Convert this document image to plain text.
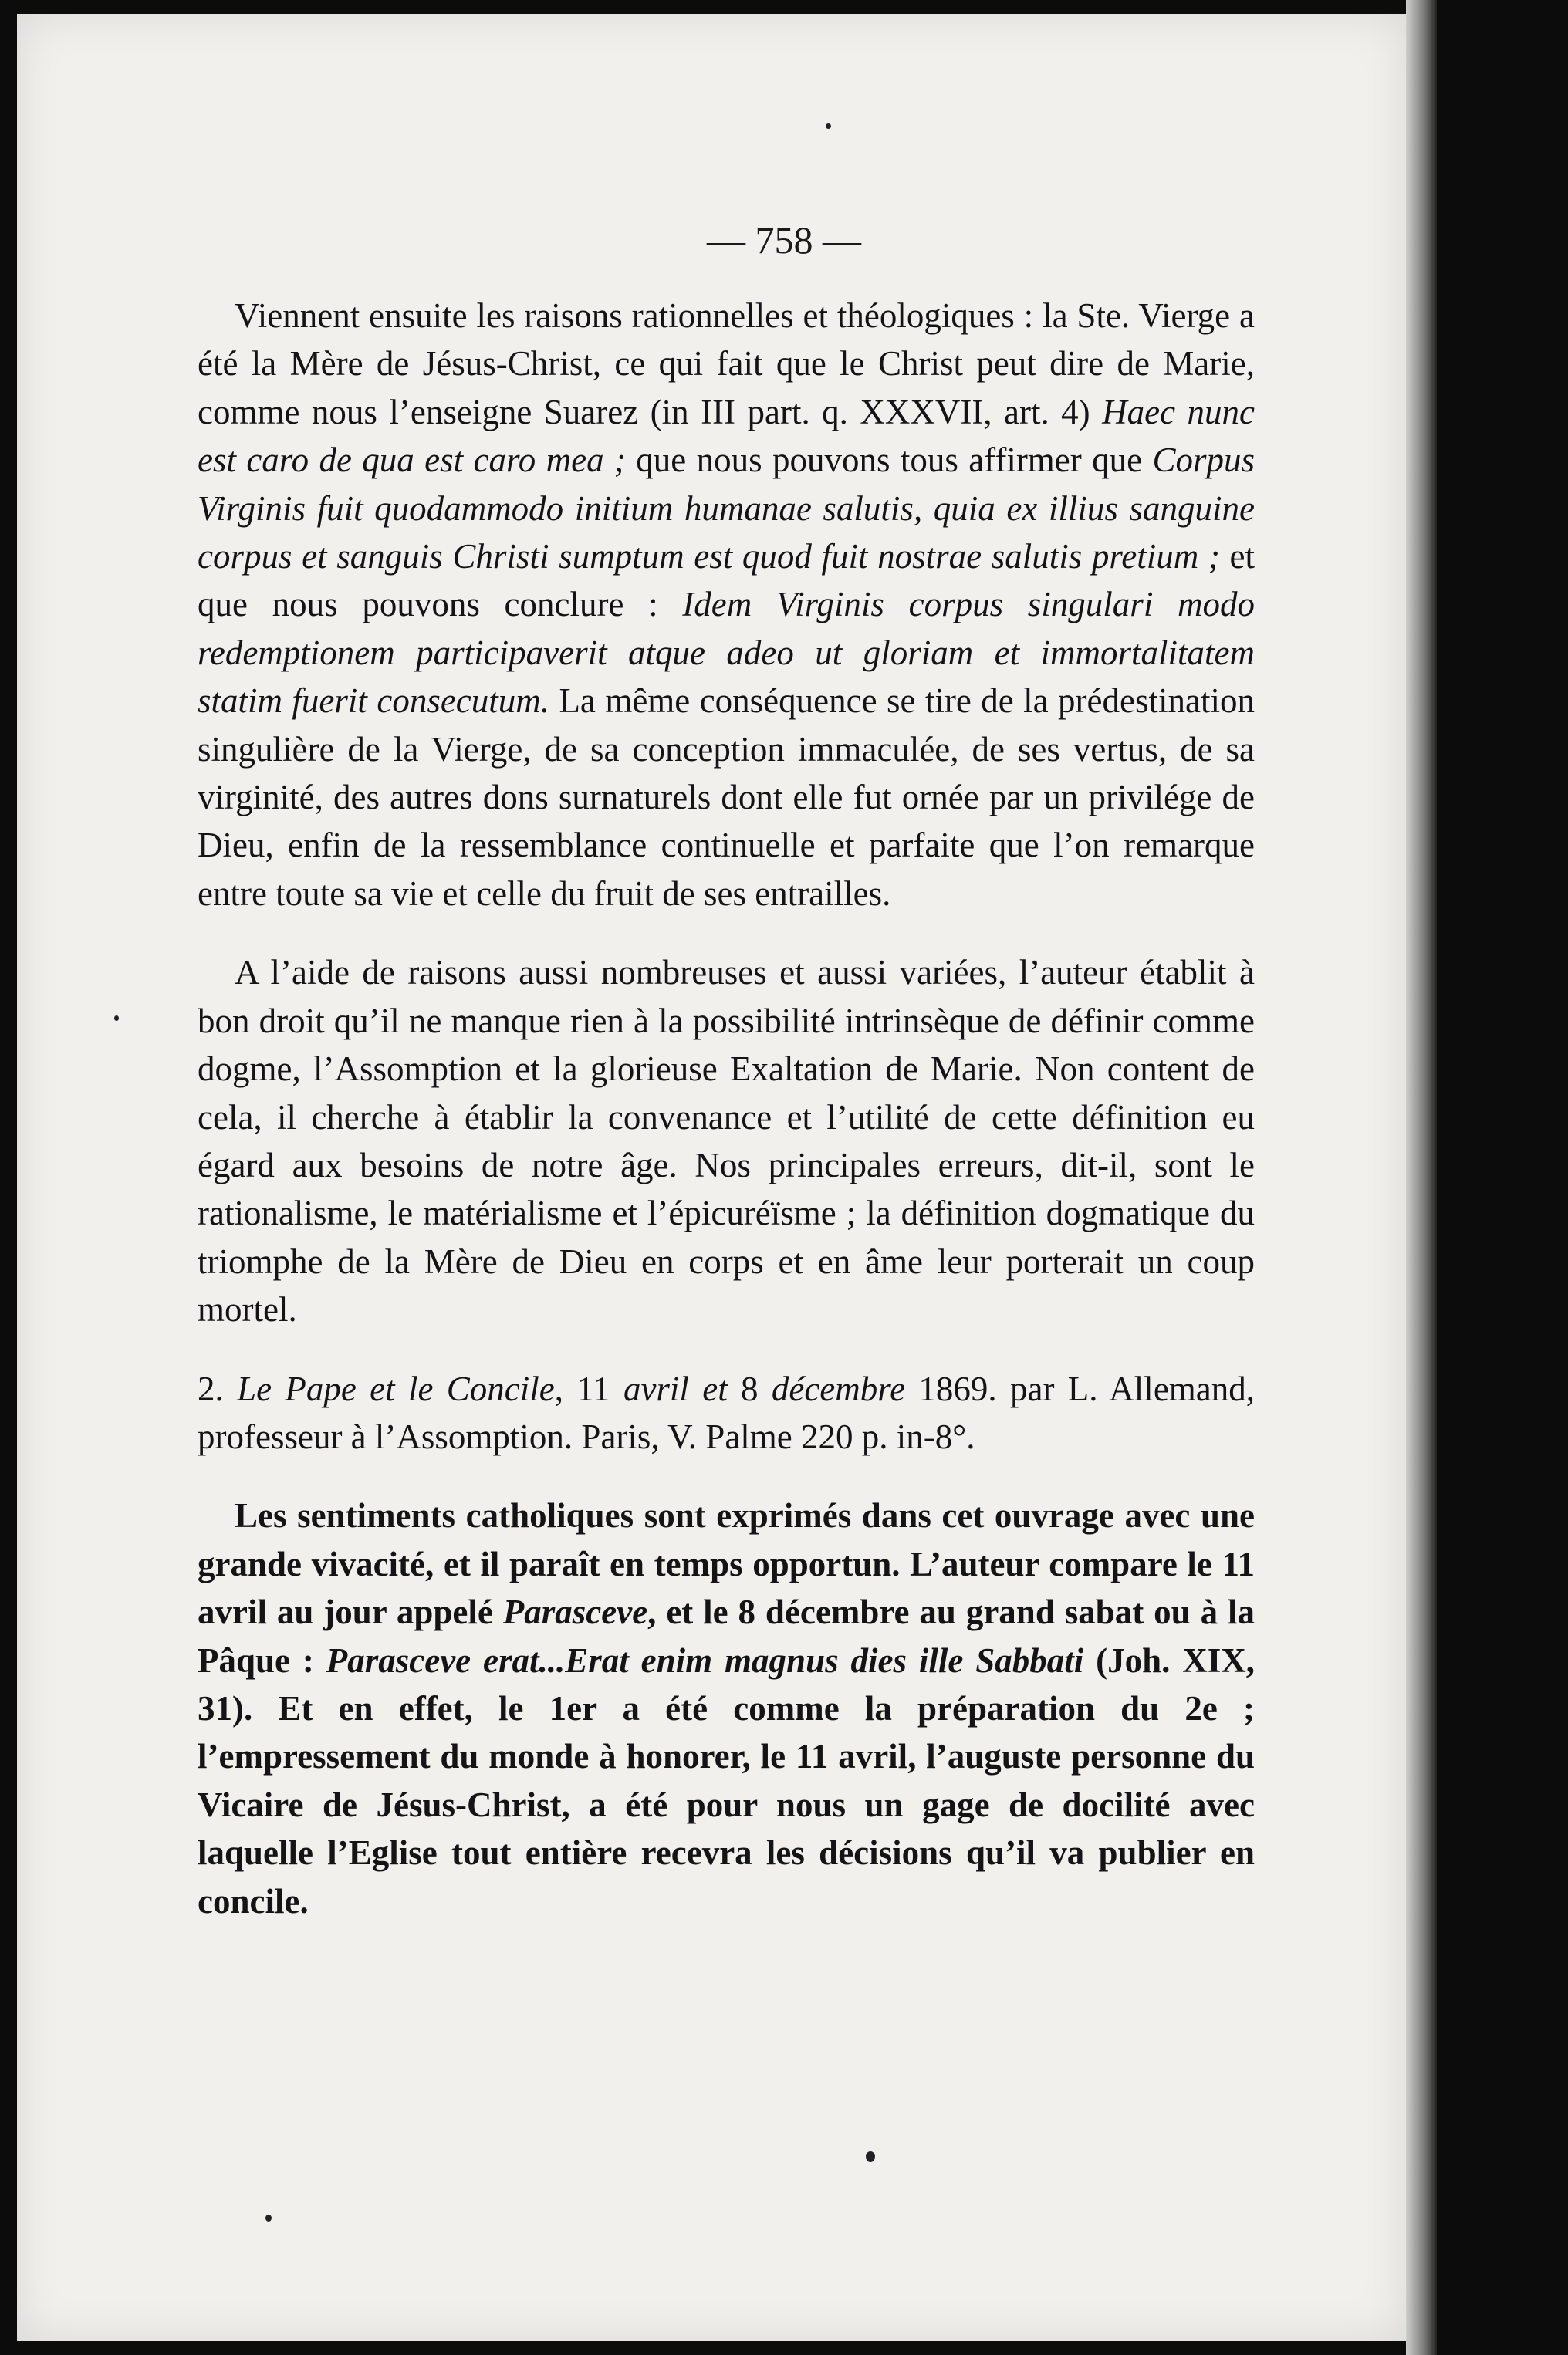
— 758 —

Viennent ensuite les raisons rationnelles et théologiques : la Ste. Vierge a été la Mère de Jésus-Christ, ce qui fait que le Christ peut dire de Marie, comme nous l’enseigne Suarez (in III part. q. XXXVII, art. 4) Haec nunc est caro de qua est caro mea ; que nous pouvons tous affirmer que Corpus Virginis fuit quodammodo initium humanae salutis, quia ex illius sanguine corpus et sanguis Christi sumptum est quod fuit nostrae salutis pretium ; et que nous pouvons conclure : Idem Virginis corpus singulari modo redemptionem participaverit atque adeo ut gloriam et immortalitatem statim fuerit consecutum. La même conséquence se tire de la prédestination singulière de la Vierge, de sa conception immaculée, de ses vertus, de sa virginité, des autres dons surnaturels dont elle fut ornée par un privilége de Dieu, enfin de la ressemblance continuelle et parfaite que l’on remarque entre toute sa vie et celle du fruit de ses entrailles.

A l’aide de raisons aussi nombreuses et aussi variées, l’auteur établit à bon droit qu’il ne manque rien à la possibilité intrinsèque de définir comme dogme, l’Assomption et la glorieuse Exaltation de Marie. Non content de cela, il cherche à établir la convenance et l’utilité de cette définition eu égard aux besoins de notre âge. Nos principales erreurs, dit-il, sont le rationalisme, le matérialisme et l’épicuréïsme ; la définition dogmatique du triomphe de la Mère de Dieu en corps et en âme leur porterait un coup mortel.

2. Le Pape et le Concile, 11 avril et 8 décembre 1869. par L. Allemand, professeur à l’Assomption. Paris, V. Palme 220 p. in-8°.

Les sentiments catholiques sont exprimés dans cet ouvrage avec une grande vivacité, et il paraît en temps opportun. L’auteur compare le 11 avril au jour appelé Parasceve, et le 8 décembre au grand sabat ou à la Pâque : Parasceve erat...Erat enim magnus dies ille Sabbati (Joh. XIX, 31). Et en effet, le 1er a été comme la préparation du 2e ; l’empressement du monde à honorer, le 11 avril, l’auguste personne du Vicaire de Jésus-Christ, a été pour nous un gage de docilité avec laquelle l’Eglise tout entière recevra les décisions qu’il va publier en concile.
